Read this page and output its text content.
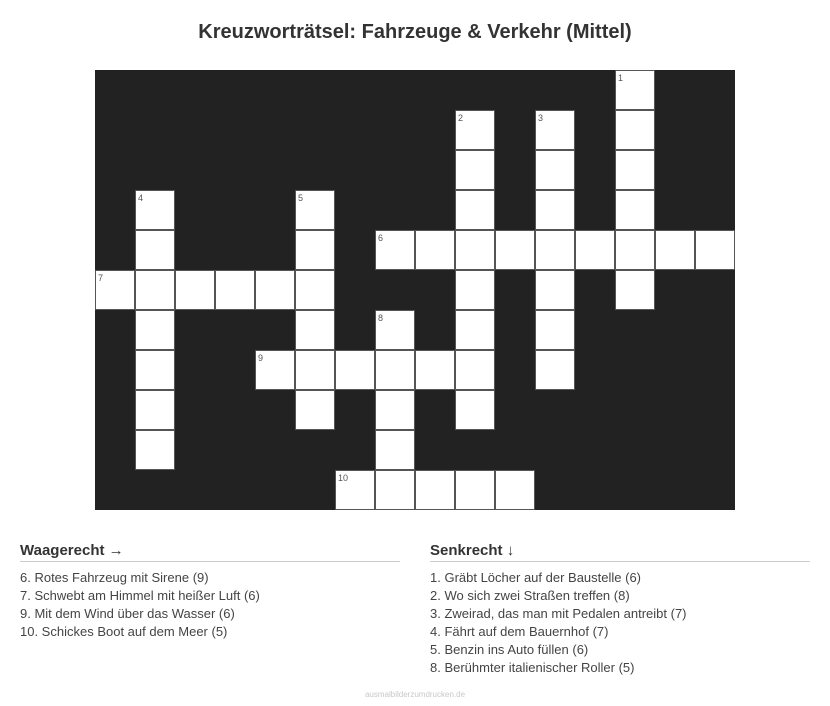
Kreuzworträtsel: Fahrzeuge & Verkehr (Mittel)
1
2	3
4	5
6
7
8
9
10
Waagerecht →
6. Rotes Fahrzeug mit Sirene (9)
7. Schwebt am Himmel mit heißer Luft (6)
9. Mit dem Wind über das Wasser (6)
10. Schickes Boot auf dem Meer (5)
Senkrecht ↓
1. Gräbt Löcher auf der Baustelle (6)
2. Wo sich zwei Straßen treffen (8)
3. Zweirad, das man mit Pedalen antreibt (7)
4. Fährt auf dem Bauernhof (7)
5. Benzin ins Auto füllen (6)
8. Berühmter italienischer Roller (5)
ausmalbilderzumdrucken.de
